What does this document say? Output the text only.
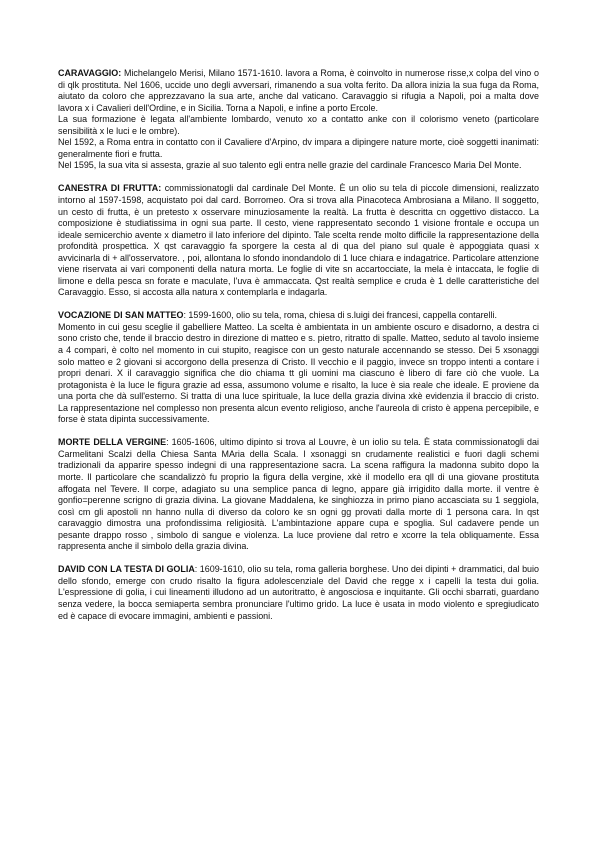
CARAVAGGIO: Michelangelo Merisi, Milano 1571-1610. lavora a Roma, è coinvolto in numerose risse,x colpa del vino o di qlk prostituta. Nel 1606, uccide uno degli avversari, rimanendo a sua volta ferito. Da allora inizia la sua fuga da Roma, aiutato da coloro che apprezzavano la sua arte, anche dal vaticano. Caravaggio si rifugia a Napoli, poi a malta dove lavora x i Cavalieri dell'Ordine, e in Sicilia. Torna a Napoli, e infine a porto Ercole.

La sua formazione è legata all'ambiente lombardo, venuto xo a contatto anke con il colorismo veneto (particolare sensibilità x le luci e le ombre).

Nel 1592, a Roma entra in contatto con il Cavaliere d'Arpino, dv impara a dipingere nature morte, cioè soggetti inanimati: generalmente fiori e frutta.

Nel 1595, la sua vita si assesta, grazie al suo talento egli entra nelle grazie del cardinale Francesco Maria Del Monte.

CANESTRA DI FRUTTA: commissionatogli dal cardinale Del Monte. È un olio su tela di piccole dimensioni, realizzato intorno al 1597-1598, acquistato poi dal card. Borromeo. Ora si trova alla Pinacoteca Ambrosiana a Milano. Il soggetto, un cesto di frutta, è un pretesto x osservare minuziosamente la realtà. La frutta è descritta cn oggettivo distacco. La composizione è studiatissima in ogni sua parte. Il cesto, viene rappresentato secondo 1 visione frontale e occupa un ideale semicerchio avente x diametro il lato inferiore del dipinto. Tale scelta rende molto difficile la rappresentazione della profondità prospettica. X qst caravaggio fa sporgere la cesta al di qua del piano sul quale è appoggiata quasi x avvicinarla di + all'osservatore. , poi, allontana lo sfondo inondandolo di 1 luce chiara e indagatrice. Particolare attenzione viene riservata ai vari componenti della natura morta. Le foglie di vite sn accartocciate, la mela è intaccata, le foglie di limone e della pesca sn forate e maculate, l'uva è ammaccata. Qst realtà semplice e cruda è 1 delle caratteristiche del Caravaggio. Esso, si accosta alla natura x contemplarla e indagarla.

VOCAZIONE DI SAN MATTEO: 1599-1600, olio su tela, roma, chiesa di s.luigi dei francesi, cappella contarelli.

Momento in cui gesu sceglie il gabelliere Matteo. La scelta è ambientata in un ambiente oscuro e disadorno, a destra ci sono cristo che, tende il braccio destro in direzione di matteo e s. pietro, ritratto di spalle. Matteo, seduto al tavolo insieme a 4 compari, è colto nel momento in cui stupito, reagisce con un gesto naturale accennando se stesso. Dei 5 xsonaggi solo matteo e 2 giovani si accorgono della presenza di Cristo. Il vecchio e il paggio, invece sn troppo intenti a contare i propri denari. X il caravaggio significa che dio chiama tt gli uomini ma ciascuno è libero di fare ciò che vuole. La protagonista è la luce le figura grazie ad essa, assumono volume e risalto, la luce è sia reale che ideale. E proviene da una porta che dà sull'esterno. Si tratta di una luce spirituale, la luce della grazia divina xkè evidenzia il braccio di cristo. La rappresentazione nel complesso non presenta alcun evento religioso, anche l'aureola di cristo è appena percepibile, e forse è stata dipinta successivamente.

MORTE DELLA VERGINE: 1605-1606, ultimo dipinto si trova al Louvre, è un iolio su tela. È stata commissionatogli dai Carmelitani Scalzi della Chiesa Santa MAria della Scala. I xsonaggi sn crudamente realistici e fuori dagli schemi tradizionali da apparire spesso indegni di una rappresentazione sacra. La scena raffigura la madonna subito dopo la morte. Il particolare che scandalizzò fu proprio la figura della vergine, xkè il modello era qll di una giovane prostituta affogata nel Tevere. Il corpe, adagiato su una semplice panca di legno, appare già irrigidito dalla morte. il ventre è gonfio=perenne scrigno di grazia divina. La giovane Maddalena, ke singhiozza in primo piano accasciata su 1 seggiola, così cm gli apostoli nn hanno nulla di diverso da coloro ke sn ogni gg provati dalla morte di 1 persona cara. In qst caravaggio dimostra una profondissima religiosità. L'ambintazione appare cupa e spoglia. Sul cadavere pende un pesante drappo rosso , simbolo di sangue e violenza. La luce proviene dal retro e xcorre la tela obliquamente. Essa rappresenta anche il simbolo della grazia divina.

DAVID CON LA TESTA DI GOLIA: 1609-1610, olio su tela, roma galleria borghese. Uno dei dipinti + drammatici, dal buio dello sfondo, emerge con crudo risalto la figura adolescenziale del David che regge x i capelli la testa dui golia. L'espressione di golia, i cui lineamenti illudono ad un autoritratto, è angosciosa e inquitante. Gli occhi sbarrati, guardano senza vedere, la bocca semiaperta sembra pronunciare l'ultimo grido. La luce è usata in modo violento e spregiudicato ed è capace di evocare immagini, ambienti e passioni.
